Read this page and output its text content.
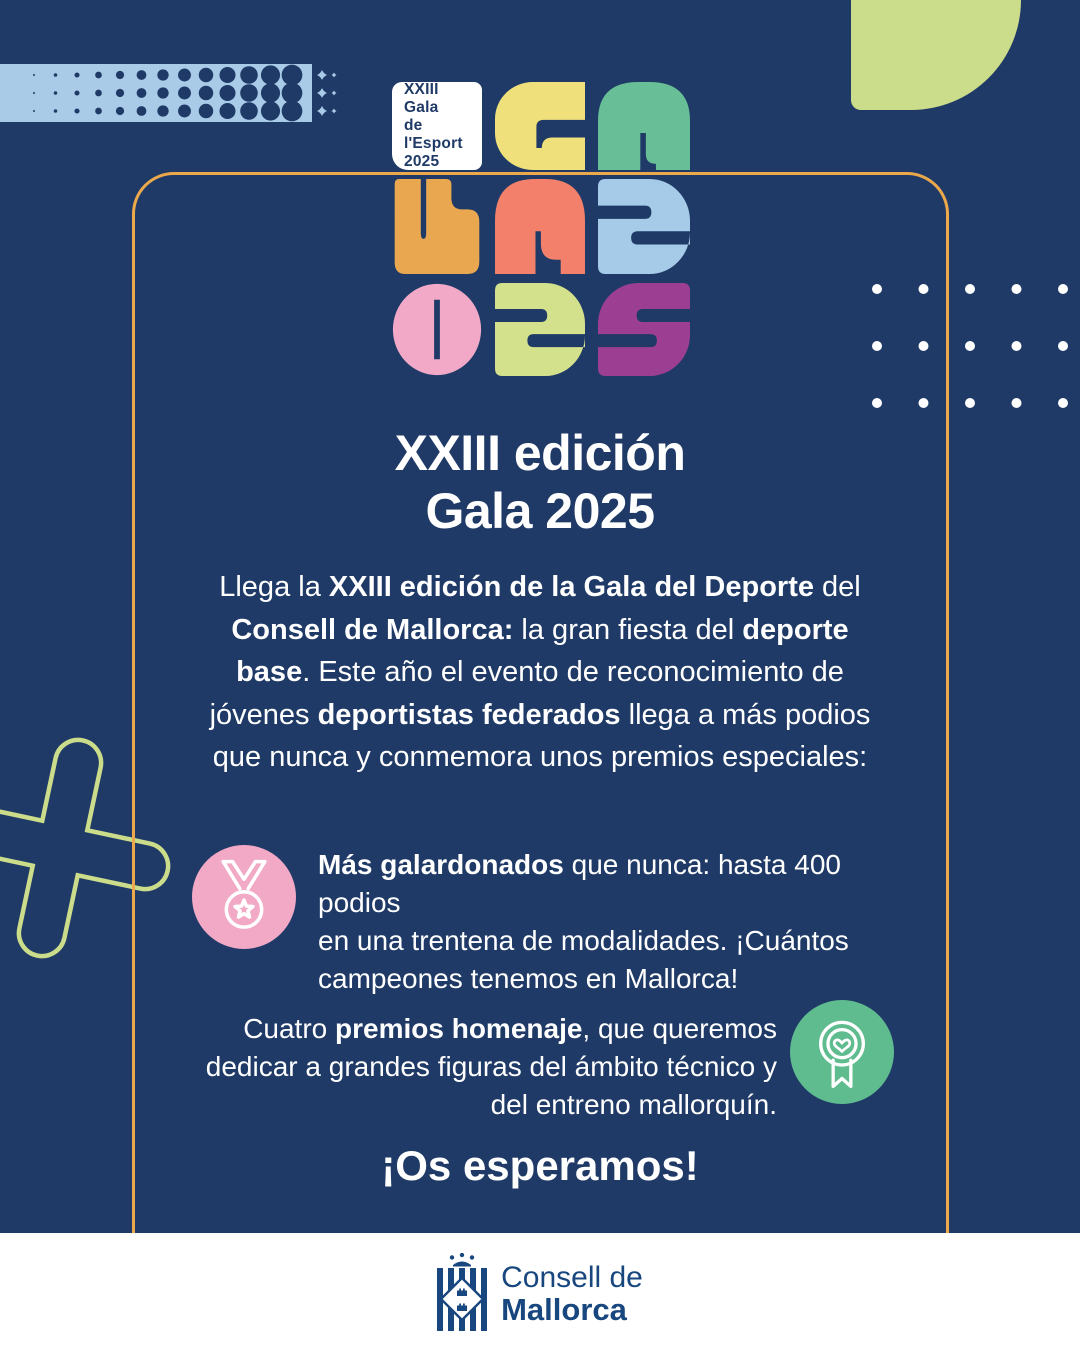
XXIII Gala
de l'Esport
2025
XXIII edición
Gala 2025
Llega la XXIII edición de la Gala del Deporte del
Consell de Mallorca: la gran fiesta del deporte
base. Este año el evento de reconocimiento de
jóvenes deportistas federados llega a más podios
que nunca y conmemora unos premios especiales:
Más galardonados que nunca: hasta 400 podios
en una trentena de modalidades. ¡Cuántos
campeones tenemos en Mallorca!
Cuatro premios homenaje, que queremos
dedicar a grandes figuras del ámbito técnico y
del entreno mallorquín.
¡Os esperamos!
Consell de
Mallorca
